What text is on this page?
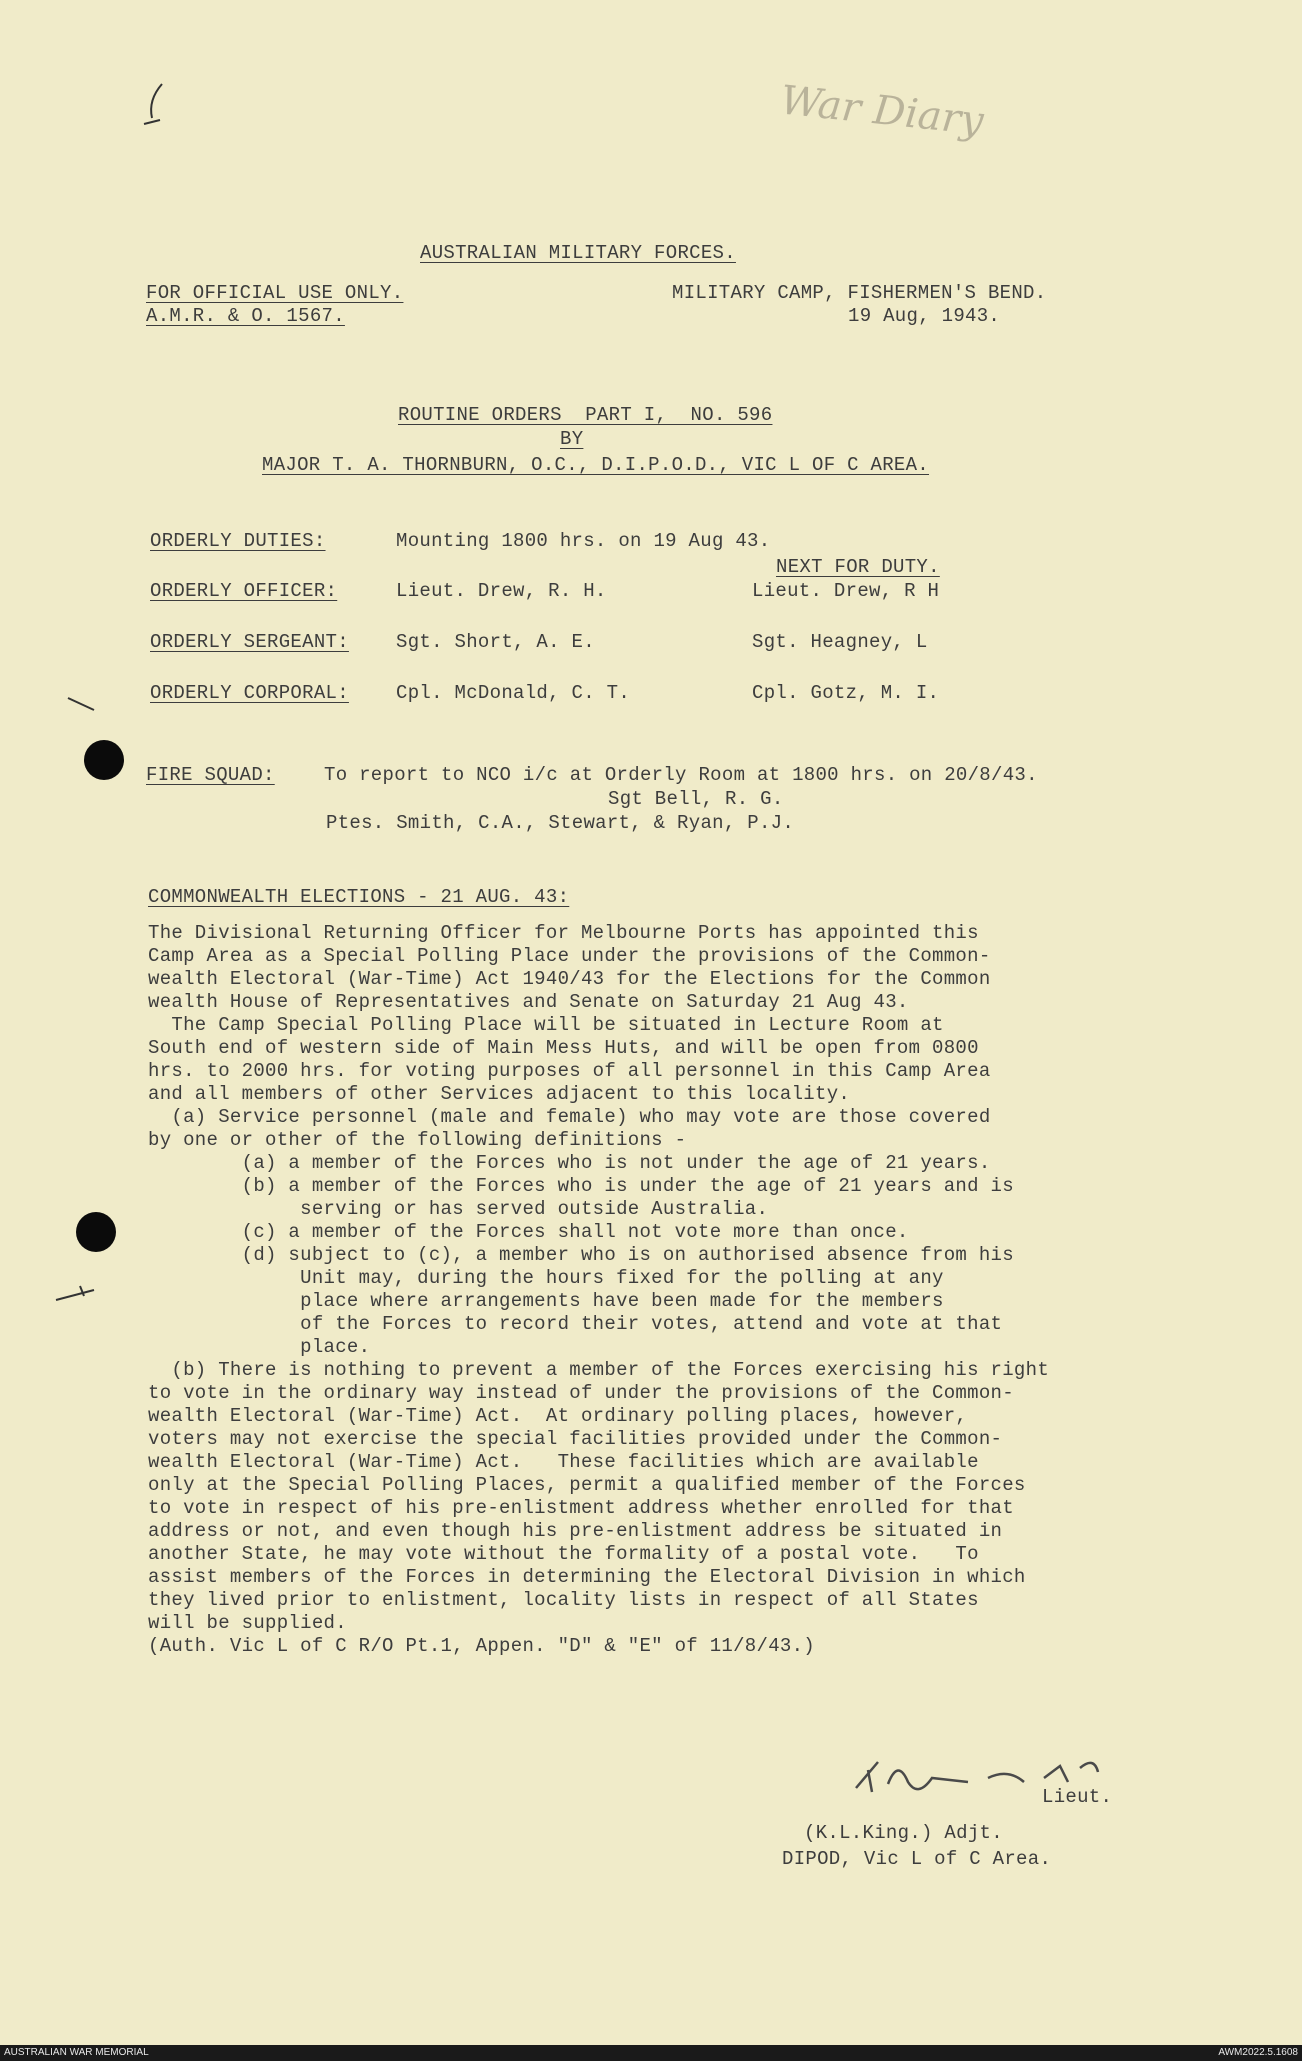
War Diary
AUSTRALIAN MILITARY FORCES.
FOR OFFICIAL USE ONLY.
A.M.R. & O. 1567.
MILITARY CAMP, FISHERMEN'S BEND.
19 Aug, 1943.
ROUTINE ORDERS  PART I,  NO. 596
BY
MAJOR T. A. THORNBURN, O.C., D.I.P.O.D., VIC L OF C AREA.
ORDERLY DUTIES:	Mounting 1800 hrs. on 19 Aug 43.
NEXT FOR DUTY.
ORDERLY OFFICER:	Lieut. Drew, R. H.	Lieut. Drew, R H
ORDERLY SERGEANT: Sgt. Short, A. E.	Sgt. Heagney, L
ORDERLY CORPORAL: Cpl. McDonald, C. T.	Cpl. Gotz, M. I.
FIRE SQUAD:	To report to NCO i/c at Orderly Room at 1800 hrs. on 20/8/43.
Sgt Bell, R. G.
Ptes. Smith, C.A., Stewart, & Ryan, P.J.
COMMONWEALTH ELECTIONS - 21 AUG. 43:
The Divisional Returning Officer for Melbourne Ports has appointed this
Camp Area as a Special Polling Place under the provisions of the Common-
wealth Electoral (War-Time) Act 1940/43 for the Elections for the Common
wealth House of Representatives and Senate on Saturday 21 Aug 43.
The Camp Special Polling Place will be situated in Lecture Room at
South end of western side of Main Mess Huts, and will be open from 0800
hrs. to 2000 hrs. for voting purposes of all personnel in this Camp Area
and all members of other Services adjacent to this locality.
(a) Service personnel (male and female) who may vote are those covered
by one or other of the following definitions -
(a) a member of the Forces who is not under the age of 21 years.
(b) a member of the Forces who is under the age of 21 years and is
serving or has served outside Australia.
(c) a member of the Forces shall not vote more than once.
(d) subject to (c), a member who is on authorised absence from his
Unit may, during the hours fixed for the polling at any
place where arrangements have been made for the members
of the Forces to record their votes, attend and vote at that
place.
(b) There is nothing to prevent a member of the Forces exercising his right
to vote in the ordinary way instead of under the provisions of the Common-
wealth Electoral (War-Time) Act.  At ordinary polling places, however,
voters may not exercise the special facilities provided under the Common-
wealth Electoral (War-Time) Act.   These facilities which are available
only at the Special Polling Places, permit a qualified member of the Forces
to vote in respect of his pre-enlistment address whether enrolled for that
address or not, and even though his pre-enlistment address be situated in
another State, he may vote without the formality of a postal vote.   To
assist members of the Forces in determining the Electoral Division in which
they lived prior to enlistment, locality lists in respect of all States
will be supplied.
(Auth. Vic L of C R/O Pt.1, Appen. "D" & "E" of 11/8/43.)
Lieut.
(K.L.King.) Adjt.
DIPOD, Vic L of C Area.
AUSTRALIAN WAR MEMORIAL	AWM2022.5.1608
